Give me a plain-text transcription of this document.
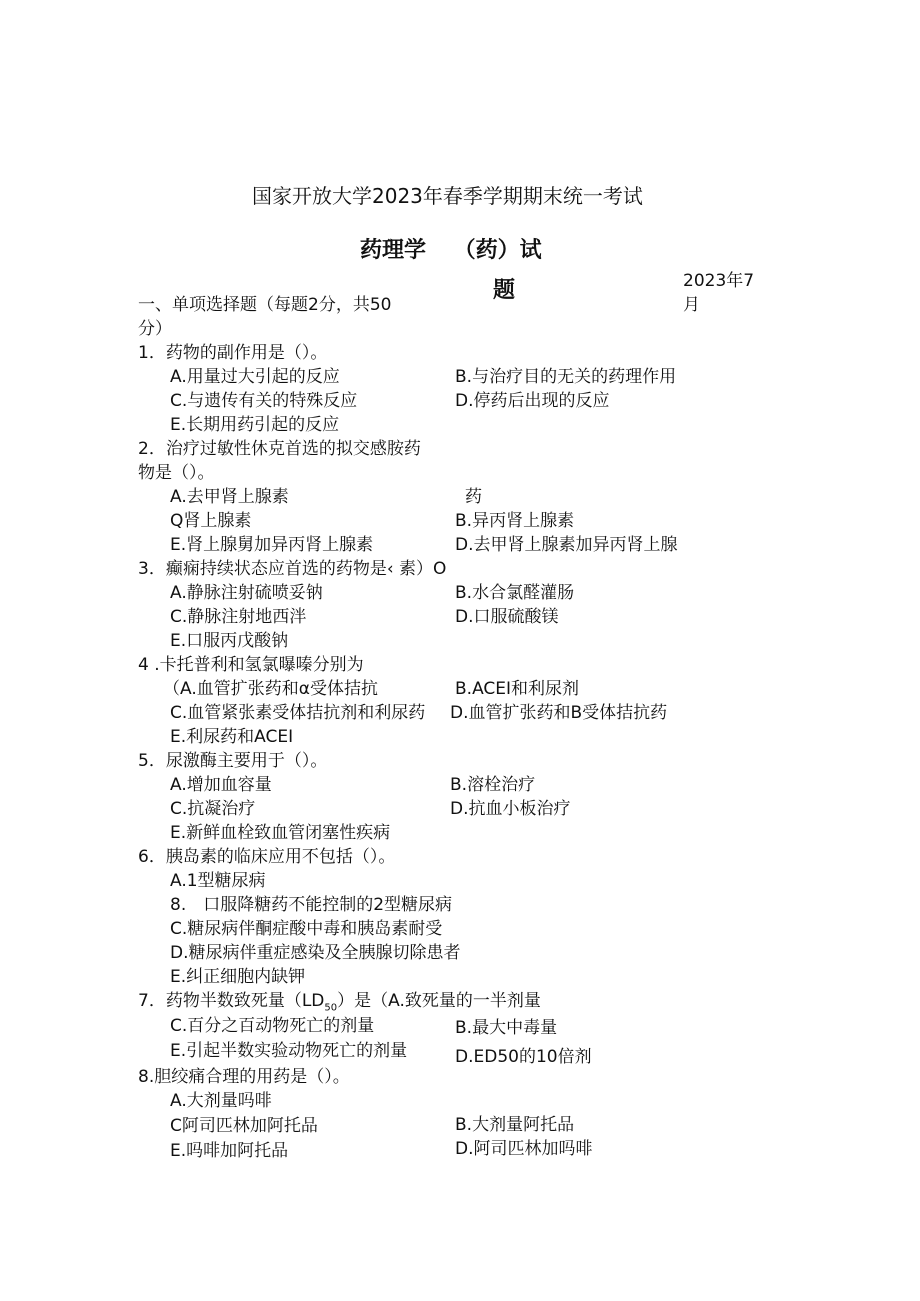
国家开放大学2023年春季学期期末统一考试
药理学 （药）试
题	2023年7
月
一、单项选择题（每题2分，共50
分）
1．药物的副作用是（）。
A.用量过大引起的反应	B.与治疗目的无关的药理作用
C.与遗传有关的特殊反应	D.停药后出现的反应
E.长期用药引起的反应
2．治疗过敏性休克首选的拟交感胺药
物是（）。
A.去甲肾上腺素	药
Q肾上腺素	B.异丙肾上腺素
E.肾上腺舅加异丙肾上腺素	D.去甲肾上腺素加异丙肾上腺
3．癫痫持续状态应首选的药物是‹ 素）O
A.静脉注射硫喷妥钠	B.水合氯醛灌肠
C.静脉注射地西泮	D.口服硫酸镁
E.口服丙戊酸钠
4 .卡托普利和氢氯曝嗪分别为
（A.血管扩张药和α受体拮抗	B.ACEI和利尿剂
C.血管紧张素受体拮抗剂和利尿药 D.血管扩张药和B受体拮抗药
E.利尿药和ACEI
5．尿激酶主要用于（）。
A.增加血容量	B.溶栓治疗
C.抗凝治疗	D.抗血小板治疗
E.新鲜血栓致血管闭塞性疾病
6．胰岛素的临床应用不包括（）。
A.1型糖尿病
8.　口服降糖药不能控制的2型糖尿病
C.糖尿病伴酮症酸中毒和胰岛素耐受
D.糖尿病伴重症感染及全胰腺切除患者
E.纠正细胞内缺钾
7．药物半数致死量$(LD_{50})$是（A.致死量的一半剂量
C.百分之百动物死亡的剂量	B.最大中毒量
E.引起半数实验动物死亡的剂量	D.ED50的10倍剂
8.胆绞痛合理的用药是（）。
A.大剂量吗啡
C阿司匹林加阿托品	B.大剂量阿托品
E.吗啡加阿托品	D.阿司匹林加吗啡
